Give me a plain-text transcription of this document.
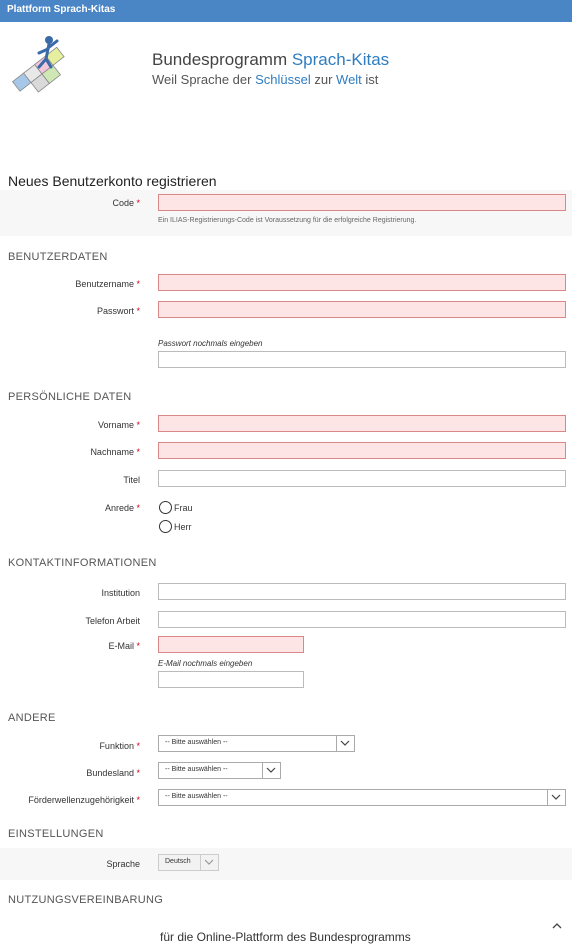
Plattform Sprach-Kitas
Bundesprogramm Sprach-Kitas
Weil Sprache der Schlüssel zur Welt ist
Neues Benutzerkonto registrieren
Code *
Ein ILIAS-Registrierungs-Code ist Voraussetzung für die erfolgreiche Registrierung.
BENUTZERDATEN
Benutzername *
Passwort *
Passwort nochmals eingeben
PERSÖNLICHE DATEN
Vorname *
Nachname *
Titel
Anrede *	Frau
Herr
KONTAKTINFORMATIONEN
Institution
Telefon Arbeit
E-Mail *
E-Mail nochmals eingeben
ANDERE
Funktion *	-- Bitte auswählen --
Bundesland *	-- Bitte auswählen --
Förderwellenzugehörigkeit *	-- Bitte auswählen --
EINSTELLUNGEN
Sprache	Deutsch
NUTZUNGSVEREINBARUNG
für die Online-Plattform des Bundesprogramms
